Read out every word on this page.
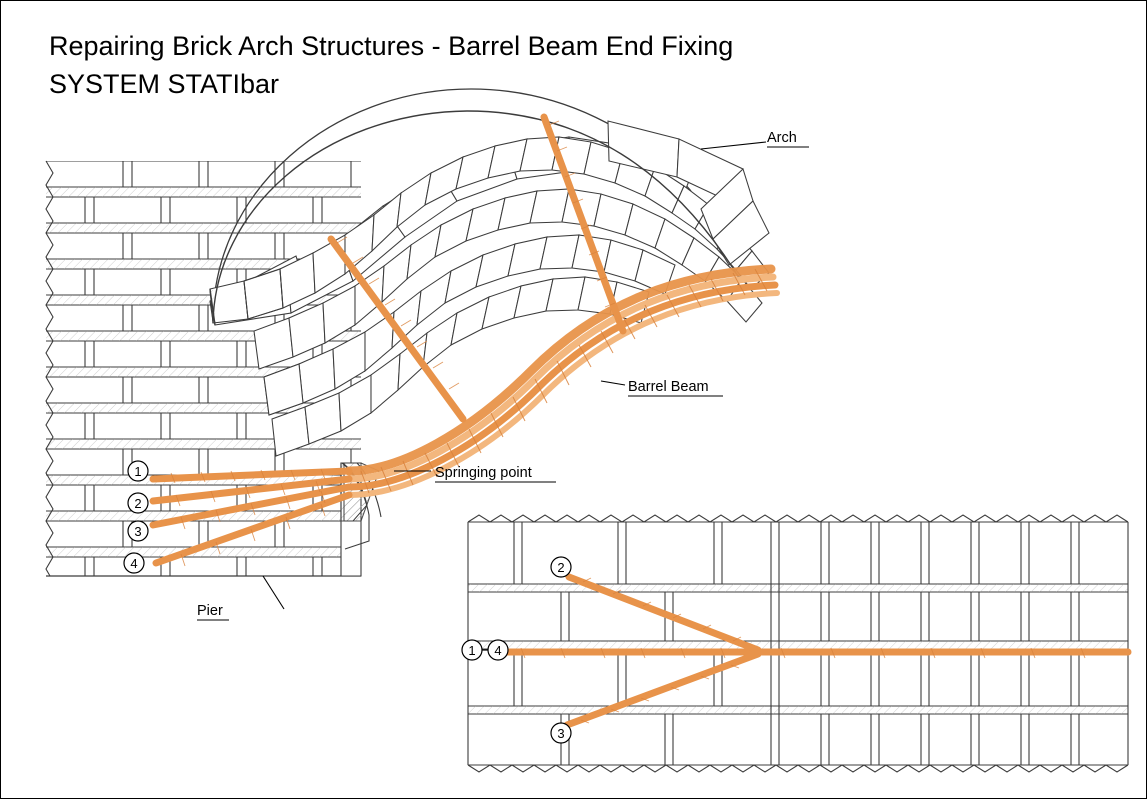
Repairing Brick Arch Structures - Barrel Beam End Fixing
SYSTEM STATIbar
1
2
3
4
Arch
Barrel Beam
Springing point
Pier
2
3
1 4
